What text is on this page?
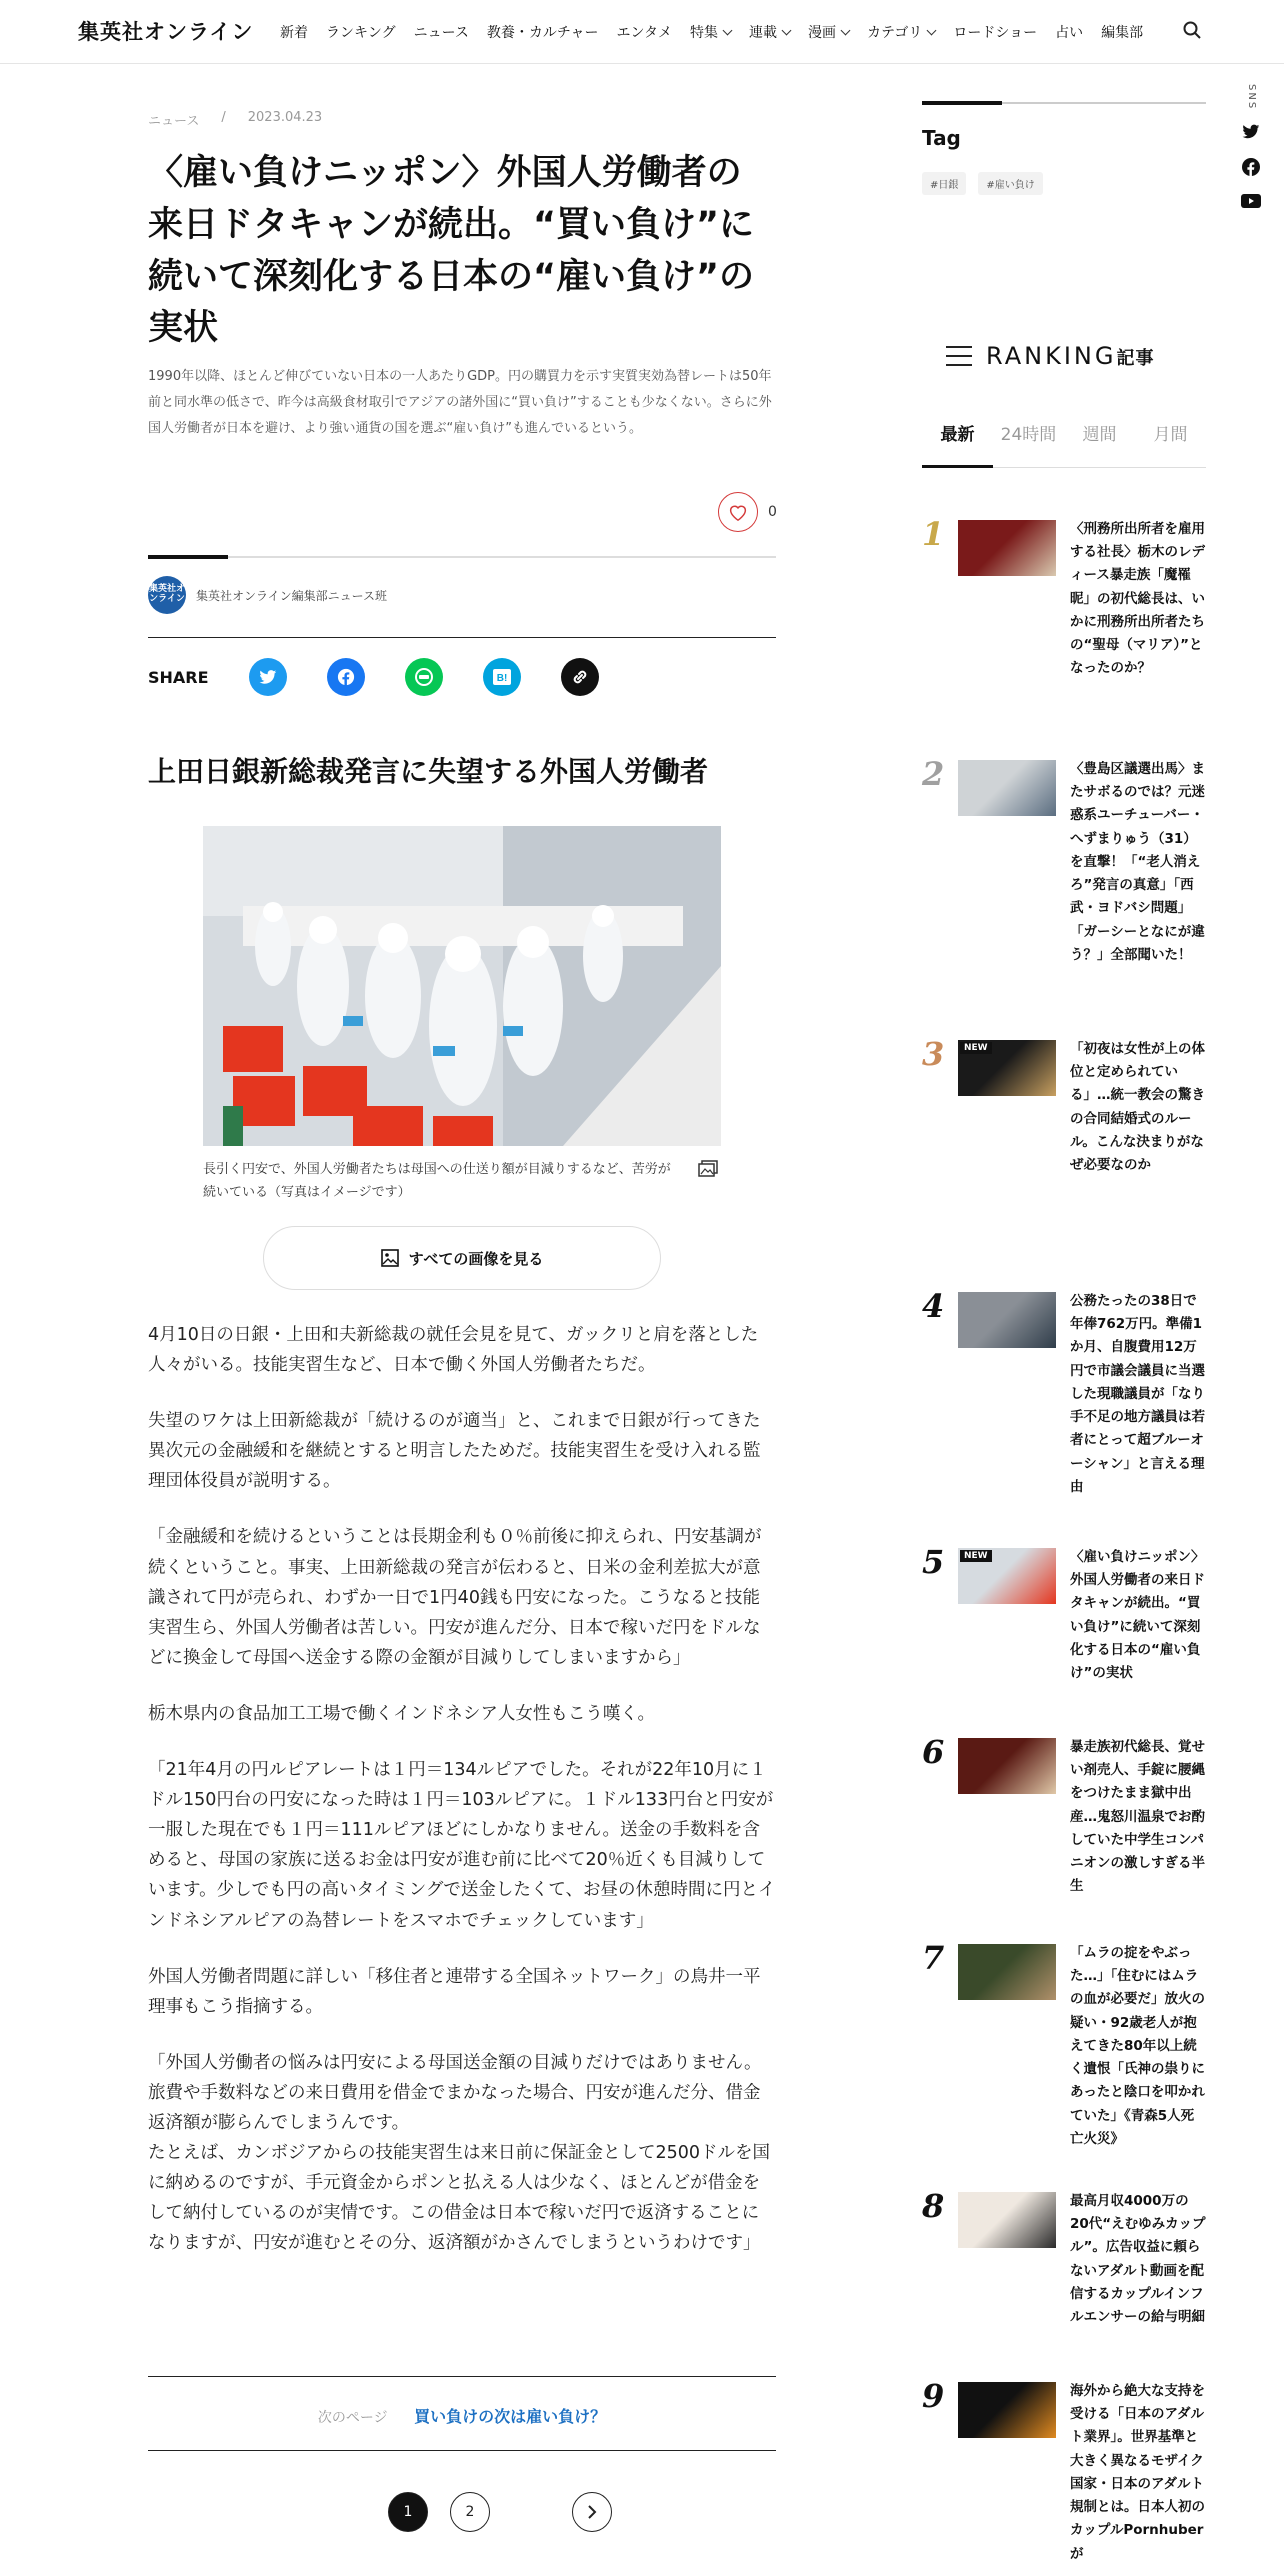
集英社オンライン 新着 ランキング ニュース 教養・カルチャー エンタメ 特集 連載 漫画 カテゴリ ロードショー 占い 編集部
SNS
ニュース / 2023.04.23
〈雇い負けニッポン〉外国人労働者の来日ドタキャンが続出。“買い負け”に続いて深刻化する日本の“雇い負け”の実状

1990年以降、ほとんど伸びていない日本の一人あたりGDP。円の購買力を示す実質実効為替レートは50年前と同水準の低さで、昨今は高級食材取引でアジアの諸外国に“買い負け”することも少なくない。さらに外国人労働者が日本を避け、より強い通貨の国を選ぶ“雇い負け”も進んでいるという。

0
集英社オンライン 集英社オンライン編集部ニュース班
SHARE	B!
上田日銀新総裁発言に失望する外国人労働者

長引く円安で、外国人労働者たちは母国への仕送り額が目減りするなど、苦労が続いている（写真はイメージです）

すべての画像を見る

4月10日の日銀・上田和夫新総裁の就任会見を見て、ガックリと肩を落とした人々がいる。技能実習生など、日本で働く外国人労働者たちだ。

失望のワケは上田新総裁が「続けるのが適当」と、これまで日銀が行ってきた異次元の金融緩和を継続とすると明言したためだ。技能実習生を受け入れる監理団体役員が説明する。

「金融緩和を続けるということは長期金利も０％前後に抑えられ、円安基調が続くということ。事実、上田新総裁の発言が伝わると、日米の金利差拡大が意識されて円が売られ、わずか一日で1円40銭も円安になった。こうなると技能実習生ら、外国人労働者は苦しい。円安が進んだ分、日本で稼いだ円をドルなどに換金して母国へ送金する際の金額が目減りしてしまいますから」

栃木県内の食品加工工場で働くインドネシア人女性もこう嘆く。

「21年4月の円ルピアレートは１円＝134ルピアでした。それが22年10月に１ドル150円台の円安になった時は１円＝103ルピアに。１ドル133円台と円安が一服した現在でも１円＝111ルピアほどにしかなりません。送金の手数料を含めると、母国の家族に送るお金は円安が進む前に比べて20％近くも目減りしています。少しでも円の高いタイミングで送金したくて、お昼の休憩時間に円とインドネシアルピアの為替レートをスマホでチェックしています」

外国人労働者問題に詳しい「移住者と連帯する全国ネットワーク」の鳥井一平理事もこう指摘する。

「外国人労働者の悩みは円安による母国送金額の目減りだけではありません。旅費や手数料などの来日費用を借金でまかなった場合、円安が進んだ分、借金返済額が膨らんでしまうんです。
たとえば、カンボジアからの技能実習生は来日前に保証金として2500ドルを国に納めるのですが、手元資金からポンと払える人は少なく、ほとんどが借金をして納付しているのが実情です。この借金は日本で稼いだ円で返済することになりますが、円安が進むとその分、返済額がかさんでしまうというわけです」

次のページ 買い負けの次は雇い負け？
1	2
Tag
#日銀	#雇い負け
RANKING記事
最新	24時間	週間	月間
1	〈刑務所出所者を雇用する社長〉栃木のレディース暴走族「魔罹昵」の初代総長は、いかに刑務所出所者たちの“聖母（マリア）”となったのか？
2	〈豊島区議選出馬〉またサボるのでは？元迷惑系ユーチューバー・へずまりゅう（31）を直撃！「“老人消えろ”発言の真意」「西武・ヨドバシ問題」「ガーシーとなにが違う？」全部聞いた！
3	NEW	「初夜は女性が上の体位と定められている」…統一教会の驚きの合同結婚式のルール。こんな決まりがなぜ必要なのか
4	公務たったの38日で年俸762万円。準備1か月、自腹費用12万円で市議会議員に当選した現職議員が「なり手不足の地方議員は若者にとって超ブルーオーシャン」と言える理由
5	NEW	〈雇い負けニッポン〉外国人労働者の来日ドタキャンが続出。“買い負け”に続いて深刻化する日本の“雇い負け”の実状
6	暴走族初代総長、覚せい剤売人、手錠に腰縄をつけたまま獄中出産…鬼怒川温泉でお酌していた中学生コンパニオンの激しすぎる半生
7	「ムラの掟をやぶった…」「住むにはムラの血が必要だ」放火の疑い・92歳老人が抱えてきた80年以上続く遺恨「氏神の祟りにあったと陰口を叩かれていた」《青森5人死亡火災》
8	最高月収4000万の20代“えむゆみカップル”。広告収益に頼らないアダルト動画を配信するカップルインフルエンサーの給与明細
9	海外から絶大な支持を受ける「日本のアダルト業界」。世界基準と大きく異なるモザイク国家・日本のアダルト規制とは。日本人初のカップルPornhuberが
